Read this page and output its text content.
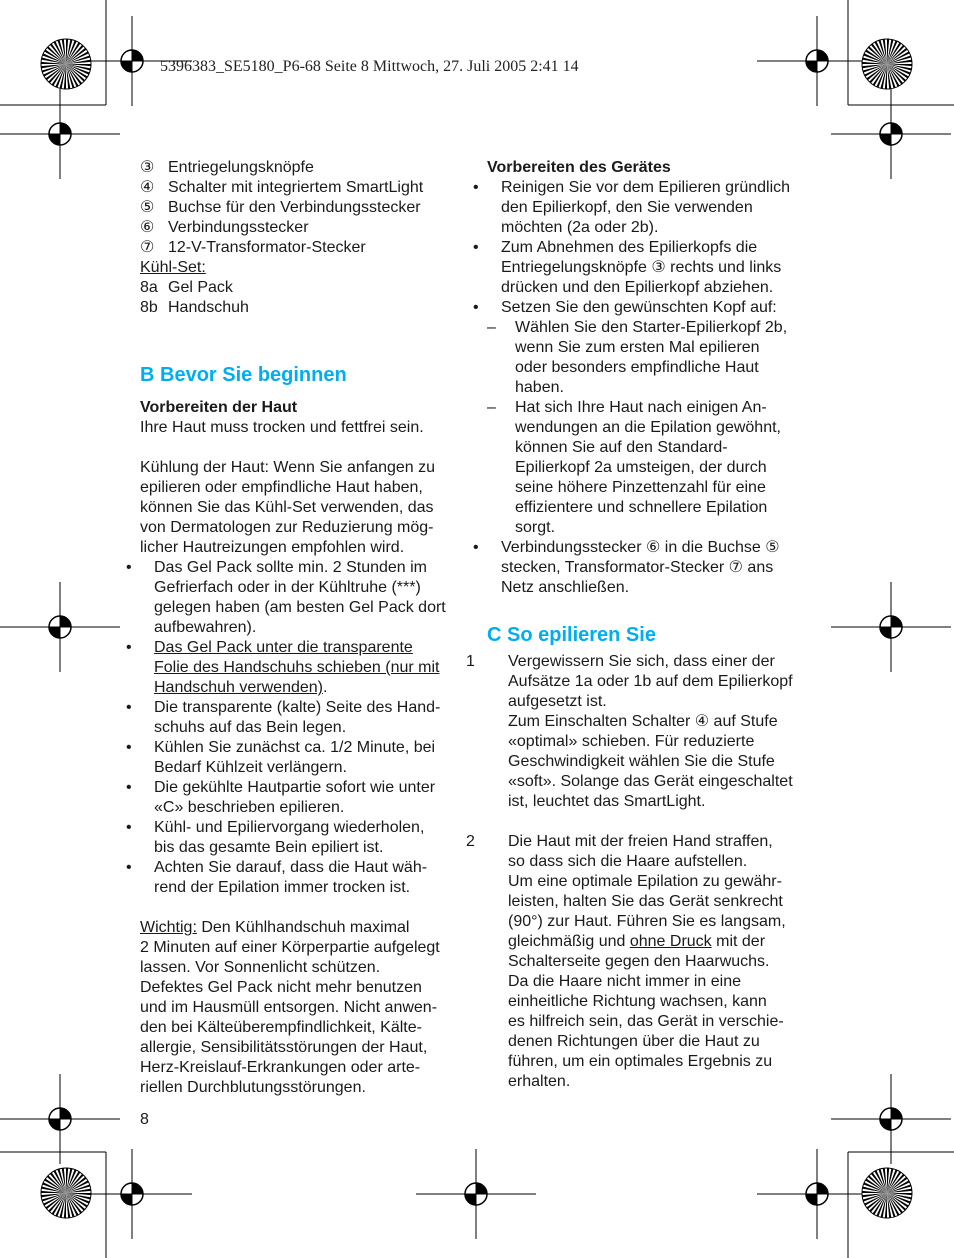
5396383_SE5180_P6-68 Seite 8 Mittwoch, 27. Juli 2005 2:41 14
③ Entriegelungsknöpfe
④ Schalter mit integriertem SmartLight
⑤ Buchse für den Verbindungsstecker
⑥ Verbindungsstecker
⑦ 12-V-Transformator-Stecker
Kühl-Set:
8a Gel Pack
8b Handschuh
B Bevor Sie beginnen
Vorbereiten der Haut
Ihre Haut muss trocken und fettfrei sein.
Kühlung der Haut: Wenn Sie anfangen zu
epilieren oder empfindliche Haut haben,
können Sie das Kühl-Set verwenden, das
von Dermatologen zur Reduzierung mög-
licher Hautreizungen empfohlen wird.
• Das Gel Pack sollte min. 2 Stunden im
Gefrierfach oder in der Kühltruhe (***)
gelegen haben (am besten Gel Pack dort
aufbewahren).
• Das Gel Pack unter die transparente
Folie des Handschuhs schieben (nur mit
Handschuh verwenden).
• Die transparente (kalte) Seite des Hand-
schuhs auf das Bein legen.
• Kühlen Sie zunächst ca. 1/2 Minute, bei
Bedarf Kühlzeit verlängern.
• Die gekühlte Hautpartie sofort wie unter
«C» beschrieben epilieren.
• Kühl- und Epiliervorgang wiederholen,
bis das gesamte Bein epiliert ist.
• Achten Sie darauf, dass die Haut wäh-
rend der Epilation immer trocken ist.
Wichtig: Den Kühlhandschuh maximal
2 Minuten auf einer Körperpartie aufgelegt
lassen. Vor Sonnenlicht schützen.
Defektes Gel Pack nicht mehr benutzen
und im Hausmüll entsorgen. Nicht anwen-
den bei Kälteüberempfindlichkeit, Kälte-
allergie, Sensibilitätsstörungen der Haut,
Herz-Kreislauf-Erkrankungen oder arte-
riellen Durchblutungsstörungen.
8
Vorbereiten des Gerätes
• Reinigen Sie vor dem Epilieren gründlich
den Epilierkopf, den Sie verwenden
möchten (2a oder 2b).
• Zum Abnehmen des Epilierkopfs die
Entriegelungsknöpfe ③ rechts und links
drücken und den Epilierkopf abziehen.
• Setzen Sie den gewünschten Kopf auf:
– Wählen Sie den Starter-Epilierkopf 2b,
wenn Sie zum ersten Mal epilieren
oder besonders empfindliche Haut
haben.
– Hat sich Ihre Haut nach einigen An-
wendungen an die Epilation gewöhnt,
können Sie auf den Standard-
Epilierkopf 2a umsteigen, der durch
seine höhere Pinzettenzahl für eine
effizientere und schnellere Epilation
sorgt.
• Verbindungsstecker ⑥ in die Buchse ⑤
stecken, Transformator-Stecker ⑦ ans
Netz anschließen.
C So epilieren Sie
1 Vergewissern Sie sich, dass einer der
Aufsätze 1a oder 1b auf dem Epilierkopf
aufgesetzt ist.
Zum Einschalten Schalter ④ auf Stufe
«optimal» schieben. Für reduzierte
Geschwindigkeit wählen Sie die Stufe
«soft». Solange das Gerät eingeschaltet
ist, leuchtet das SmartLight.
2 Die Haut mit der freien Hand straffen,
so dass sich die Haare aufstellen.
Um eine optimale Epilation zu gewähr-
leisten, halten Sie das Gerät senkrecht
(90°) zur Haut. Führen Sie es langsam,
gleichmäßig und ohne Druck mit der
Schalterseite gegen den Haarwuchs.
Da die Haare nicht immer in eine
einheitliche Richtung wachsen, kann
es hilfreich sein, das Gerät in verschie-
denen Richtungen über die Haut zu
führen, um ein optimales Ergebnis zu
erhalten.
